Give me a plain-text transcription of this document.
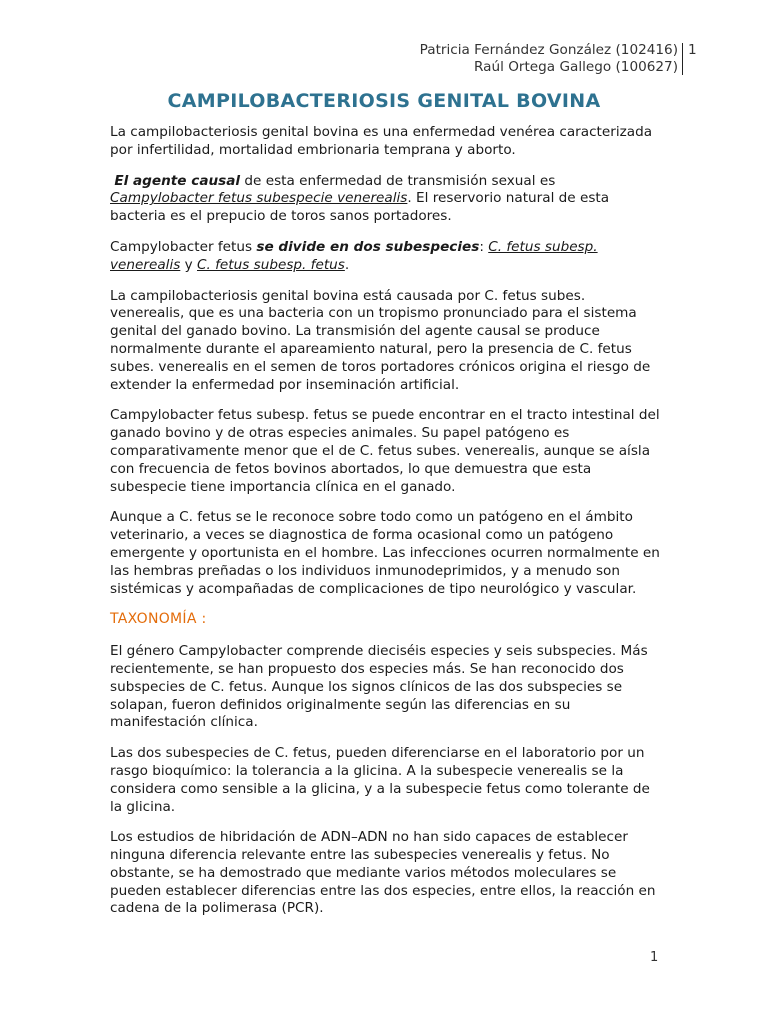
Patricia Fernández González (102416)
Raúl Ortega Gallego (100627)
1
CAMPILOBACTERIOSIS GENITAL BOVINA

La campilobacteriosis genital bovina es una enfermedad venérea caracterizada por infertilidad, mortalidad embrionaria temprana y aborto.

El agente causal de esta enfermedad de transmisión sexual es Campylobacter fetus subespecie venerealis. El reservorio natural de esta bacteria es el prepucio de toros sanos portadores.

Campylobacter fetus se divide en dos subespecies: C. fetus subesp. venerealis y C. fetus subesp. fetus.

La campilobacteriosis genital bovina está causada por C. fetus subes. venerealis, que es una bacteria con un tropismo pronunciado para el sistema genital del ganado bovino. La transmisión del agente causal se produce normalmente durante el apareamiento natural, pero la presencia de C. fetus subes. venerealis en el semen de toros portadores crónicos origina el riesgo de extender la enfermedad por inseminación artificial.

Campylobacter fetus subesp. fetus se puede encontrar en el tracto intestinal del ganado bovino y de otras especies animales. Su papel patógeno es comparativamente menor que el de C. fetus subes. venerealis, aunque se aísla con frecuencia de fetos bovinos abortados, lo que demuestra que esta subespecie tiene importancia clínica en el ganado.

Aunque a C. fetus se le reconoce sobre todo como un patógeno en el ámbito veterinario, a veces se diagnostica de forma ocasional como un patógeno emergente y oportunista en el hombre. Las infecciones ocurren normalmente en las hembras preñadas o los individuos inmunodeprimidos, y a menudo son sistémicas y acompañadas de complicaciones de tipo neurológico y vascular.

TAXONOMÍA :

El género Campylobacter comprende dieciséis especies y seis subspecies. Más recientemente, se han propuesto dos especies más. Se han reconocido dos subspecies de C. fetus. Aunque los signos clínicos de las dos subspecies se solapan, fueron definidos originalmente según las diferencias en su manifestación clínica.

Las dos subespecies de C. fetus, pueden diferenciarse en el laboratorio por un rasgo bioquímico: la tolerancia a la glicina. A la subespecie venerealis se la considera como sensible a la glicina, y a la subespecie fetus como tolerante de la glicina.

Los estudios de hibridación de ADN–ADN no han sido capaces de establecer ninguna diferencia relevante entre las subespecies venerealis y fetus. No obstante, se ha demostrado que mediante varios métodos moleculares se pueden establecer diferencias entre las dos especies, entre ellos, la reacción en cadena de la polimerasa (PCR).

1
